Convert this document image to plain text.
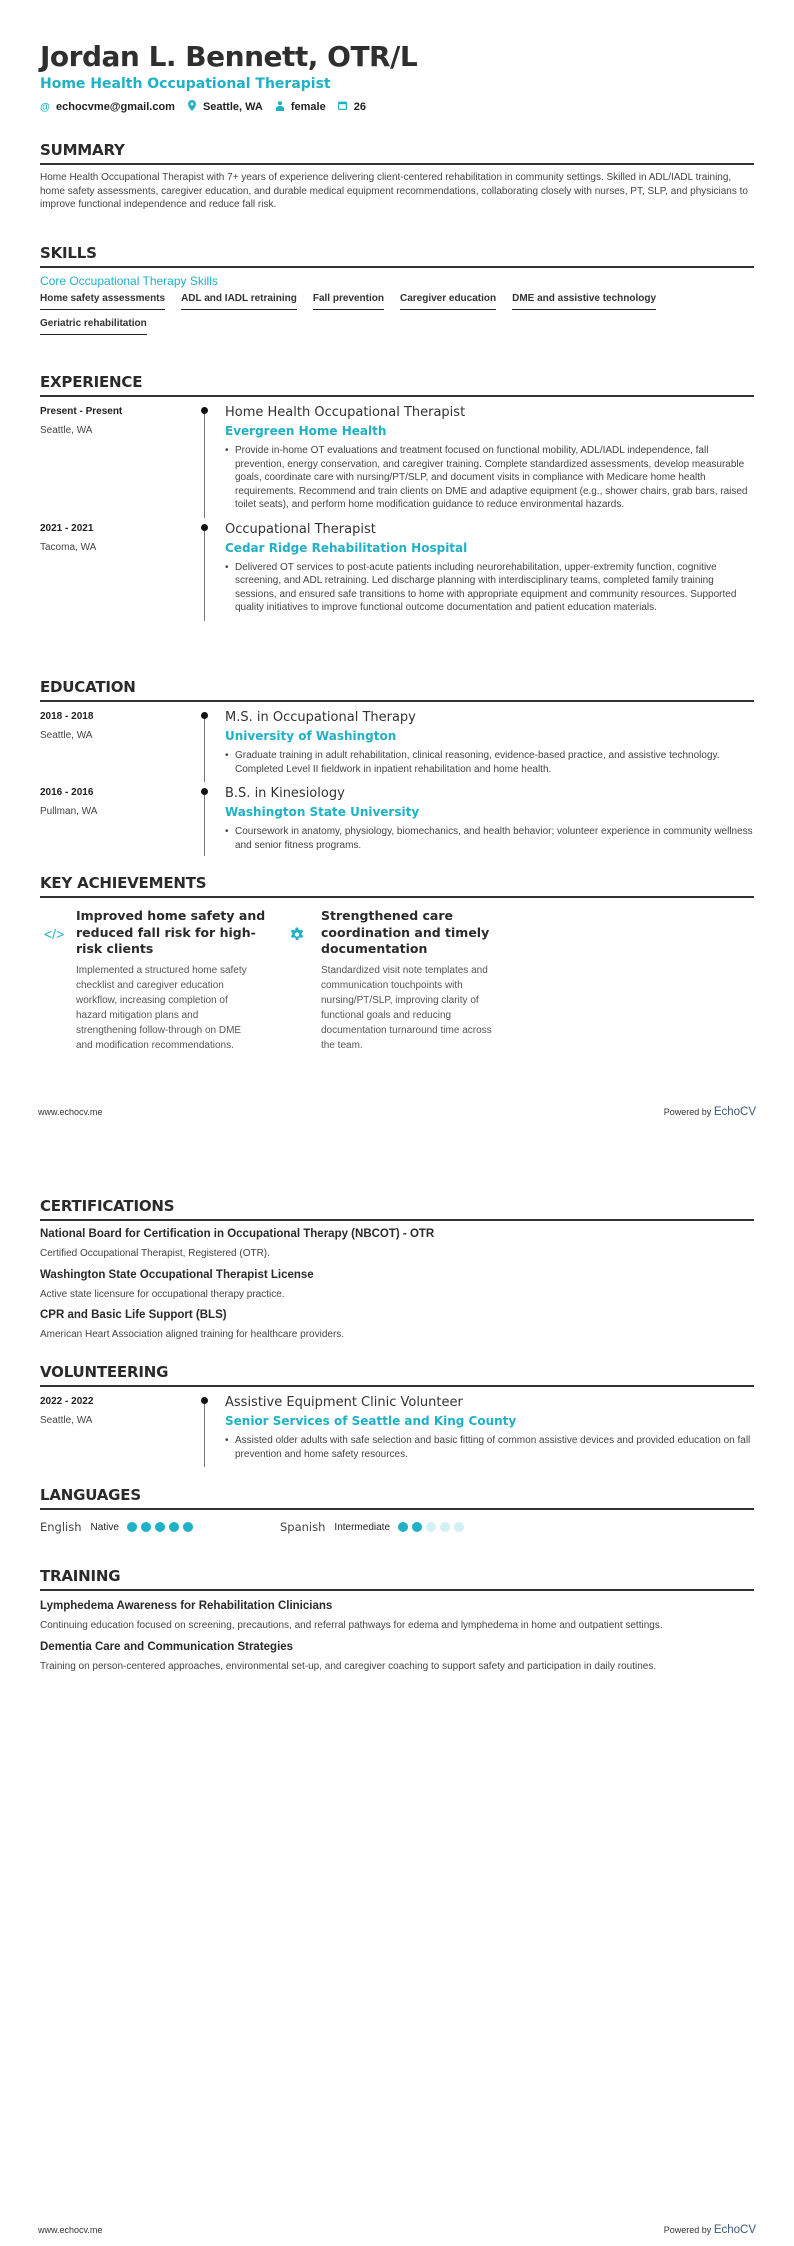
Jordan L. Bennett, OTR/L
Home Health Occupational Therapist
@ echocvme@gmail.com	Seattle, WA	female	26
SUMMARY
Home Health Occupational Therapist with 7+ years of experience delivering client-centered rehabilitation in community settings. Skilled in ADL/IADL training, home safety assessments, caregiver education, and durable medical equipment recommendations, collaborating closely with nurses, PT, SLP, and physicians to improve functional independence and reduce fall risk.
SKILLS
Core Occupational Therapy Skills
Home safety assessments ADL and IADL retraining Fall prevention Caregiver education DME and assistive technology
Geriatric rehabilitation
EXPERIENCE
Present - Present
Seattle, WA
Home Health Occupational Therapist
Evergreen Home Health
• Provide in-home OT evaluations and treatment focused on functional mobility, ADL/IADL independence, fall prevention, energy conservation, and caregiver training. Complete standardized assessments, develop measurable goals, coordinate care with nursing/PT/SLP, and document visits in compliance with Medicare home health requirements. Recommend and train clients on DME and adaptive equipment (e.g., shower chairs, grab bars, raised toilet seats), and perform home modification guidance to reduce environmental hazards.
2021 - 2021
Tacoma, WA
Occupational Therapist
Cedar Ridge Rehabilitation Hospital
• Delivered OT services to post-acute patients including neurorehabilitation, upper-extremity function, cognitive screening, and ADL retraining. Led discharge planning with interdisciplinary teams, completed family training sessions, and ensured safe transitions to home with appropriate equipment and community resources. Supported quality initiatives to improve functional outcome documentation and patient education materials.
EDUCATION
2018 - 2018
Seattle, WA
M.S. in Occupational Therapy
University of Washington
• Graduate training in adult rehabilitation, clinical reasoning, evidence-based practice, and assistive technology. Completed Level II fieldwork in inpatient rehabilitation and home health.
2016 - 2016
Pullman, WA
B.S. in Kinesiology
Washington State University
• Coursework in anatomy, physiology, biomechanics, and health behavior; volunteer experience in community wellness and senior fitness programs.
KEY ACHIEVEMENTS
</>
Improved home safety and reduced fall risk for high-risk clients
Implemented a structured home safety checklist and caregiver education workflow, increasing completion of hazard mitigation plans and strengthening follow-through on DME and modification recommendations.
Strengthened care coordination and timely documentation
Standardized visit note templates and communication touchpoints with nursing/PT/SLP, improving clarity of functional goals and reducing documentation turnaround time across the team.
www.echocv.me	Powered by EchoCV
CERTIFICATIONS
National Board for Certification in Occupational Therapy (NBCOT) - OTR
Certified Occupational Therapist, Registered (OTR).
Washington State Occupational Therapist License
Active state licensure for occupational therapy practice.
CPR and Basic Life Support (BLS)
American Heart Association aligned training for healthcare providers.
VOLUNTEERING
2022 - 2022
Seattle, WA
Assistive Equipment Clinic Volunteer
Senior Services of Seattle and King County
• Assisted older adults with safe selection and basic fitting of common assistive devices and provided education on fall prevention and home safety resources.
LANGUAGES
English Native	Spanish Intermediate
TRAINING
Lymphedema Awareness for Rehabilitation Clinicians
Continuing education focused on screening, precautions, and referral pathways for edema and lymphedema in home and outpatient settings.
Dementia Care and Communication Strategies
Training on person-centered approaches, environmental set-up, and caregiver coaching to support safety and participation in daily routines.
www.echocv.me	Powered by EchoCV
